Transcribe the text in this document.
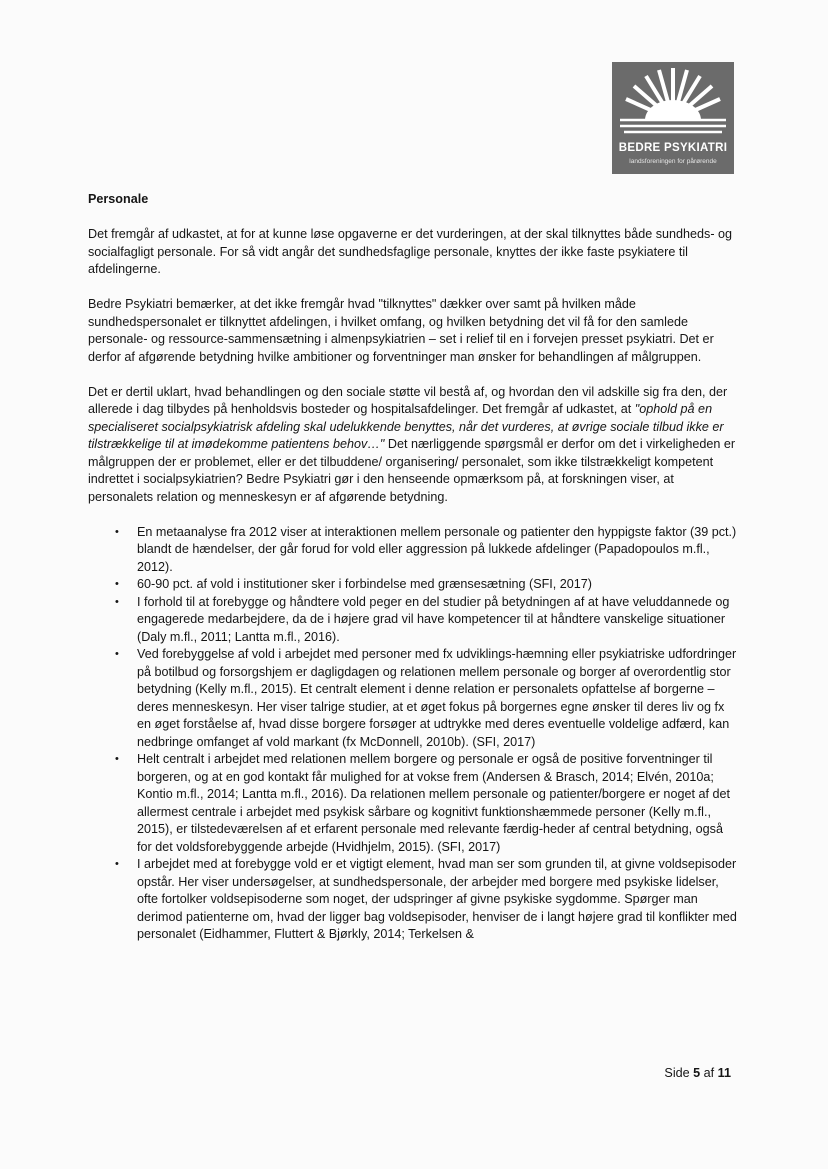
BEDRE PSYKIATRI
landsforeningen for pårørende

Personale

Det fremgår af udkastet, at for at kunne løse opgaverne er det vurderingen, at der skal tilknyttes både sundheds- og socialfagligt personale. For så vidt angår det sundhedsfaglige personale, knyttes der ikke faste psykiatere til afdelingerne.

Bedre Psykiatri bemærker, at det ikke fremgår hvad "tilknyttes" dækker over samt på hvilken måde sundhedspersonalet er tilknyttet afdelingen, i hvilket omfang, og hvilken betydning det vil få for den samlede personale- og ressource-sammensætning i almenpsykiatrien – set i relief til en i forvejen presset psykiatri. Det er derfor af afgørende betydning hvilke ambitioner og forventninger man ønsker for behandlingen af målgruppen.

Det er dertil uklart, hvad behandlingen og den sociale støtte vil bestå af, og hvordan den vil adskille sig fra den, der allerede i dag tilbydes på henholdsvis bosteder og hospitalsafdelinger. Det fremgår af udkastet, at "ophold på en specialiseret socialpsykiatrisk afdeling skal udelukkende benyttes, når det vurderes, at øvrige sociale tilbud ikke er tilstrækkelige til at imødekomme patientens behov…" Det nærliggende spørgsmål er derfor om det i virkeligheden er målgruppen der er problemet, eller er det tilbuddene/ organisering/ personalet, som ikke tilstrækkeligt kompetent indrettet i socialpsykiatrien? Bedre Psykiatri gør i den henseende opmærksom på, at forskningen viser, at personalets relation og menneskesyn er af afgørende betydning.

• En metaanalyse fra 2012 viser at interaktionen mellem personale og patienter den hyppigste faktor (39 pct.) blandt de hændelser, der går forud for vold eller aggression på lukkede afdelinger (Papadopoulos m.fl., 2012).
• 60-90 pct. af vold i institutioner sker i forbindelse med grænsesætning (SFI, 2017)
• I forhold til at forebygge og håndtere vold peger en del studier på betydningen af at have veluddannede og engagerede medarbejdere, da de i højere grad vil have kompetencer til at håndtere vanskelige situationer (Daly m.fl., 2011; Lantta m.fl., 2016).
• Ved forebyggelse af vold i arbejdet med personer med fx udviklings-hæmning eller psykiatriske udfordringer på botilbud og forsorgshjem er dagligdagen og relationen mellem personale og borger af overordentlig stor betydning (Kelly m.fl., 2015). Et centralt element i denne relation er personalets opfattelse af borgerne – deres menneskesyn. Her viser talrige studier, at et øget fokus på borgernes egne ønsker til deres liv og fx en øget forståelse af, hvad disse borgere forsøger at udtrykke med deres eventuelle voldelige adfærd, kan nedbringe omfanget af vold markant (fx McDonnell, 2010b). (SFI, 2017)
• Helt centralt i arbejdet med relationen mellem borgere og personale er også de positive forventninger til borgeren, og at en god kontakt får mulighed for at vokse frem (Andersen & Brasch, 2014; Elvén, 2010a; Kontio m.fl., 2014; Lantta m.fl., 2016). Da relationen mellem personale og patienter/borgere er noget af det allermest centrale i arbejdet med psykisk sårbare og kognitivt funktionshæmmede personer (Kelly m.fl., 2015), er tilstedeværelsen af et erfarent personale med relevante færdig-heder af central betydning, også for det voldsforebyggende arbejde (Hvidhjelm, 2015). (SFI, 2017)
• I arbejdet med at forebygge vold er et vigtigt element, hvad man ser som grunden til, at givne voldsepisoder opstår. Her viser undersøgelser, at sundhedspersonale, der arbejder med borgere med psykiske lidelser, ofte fortolker voldsepisoderne som noget, der udspringer af givne psykiske sygdomme. Spørger man derimod patienterne om, hvad der ligger bag voldsepisoder, henviser de i langt højere grad til konflikter med personalet (Eidhammer, Fluttert & Bjørkly, 2014; Terkelsen &
Side 5 af 11
